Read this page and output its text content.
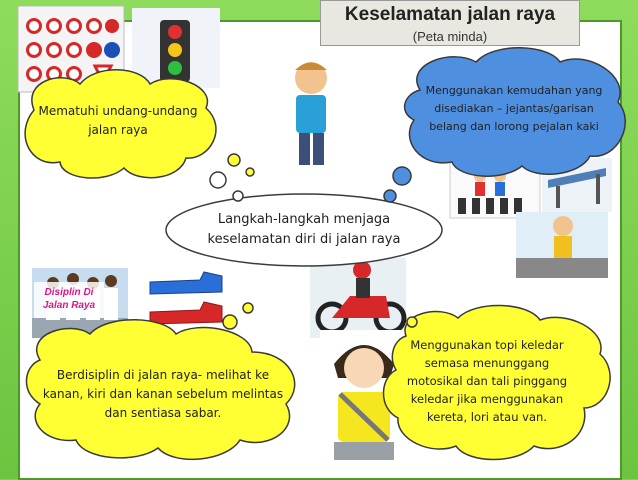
Disiplin Di Jalan Raya
Keselamatan jalan raya
(Peta minda)
Langkah-langkah menjaga keselamatan diri di jalan raya
Mematuhi undang-undang jalan raya
Menggunakan kemudahan yang disediakan – jejantas/garisan belang dan lorong pejalan kaki
Berdisiplin di jalan raya- melihat ke kanan, kiri dan kanan sebelum melintas dan sentiasa sabar.
Menggunakan topi keledar semasa menunggang motosikal dan tali pinggang keledar jika menggunakan kereta, lori atau van.
